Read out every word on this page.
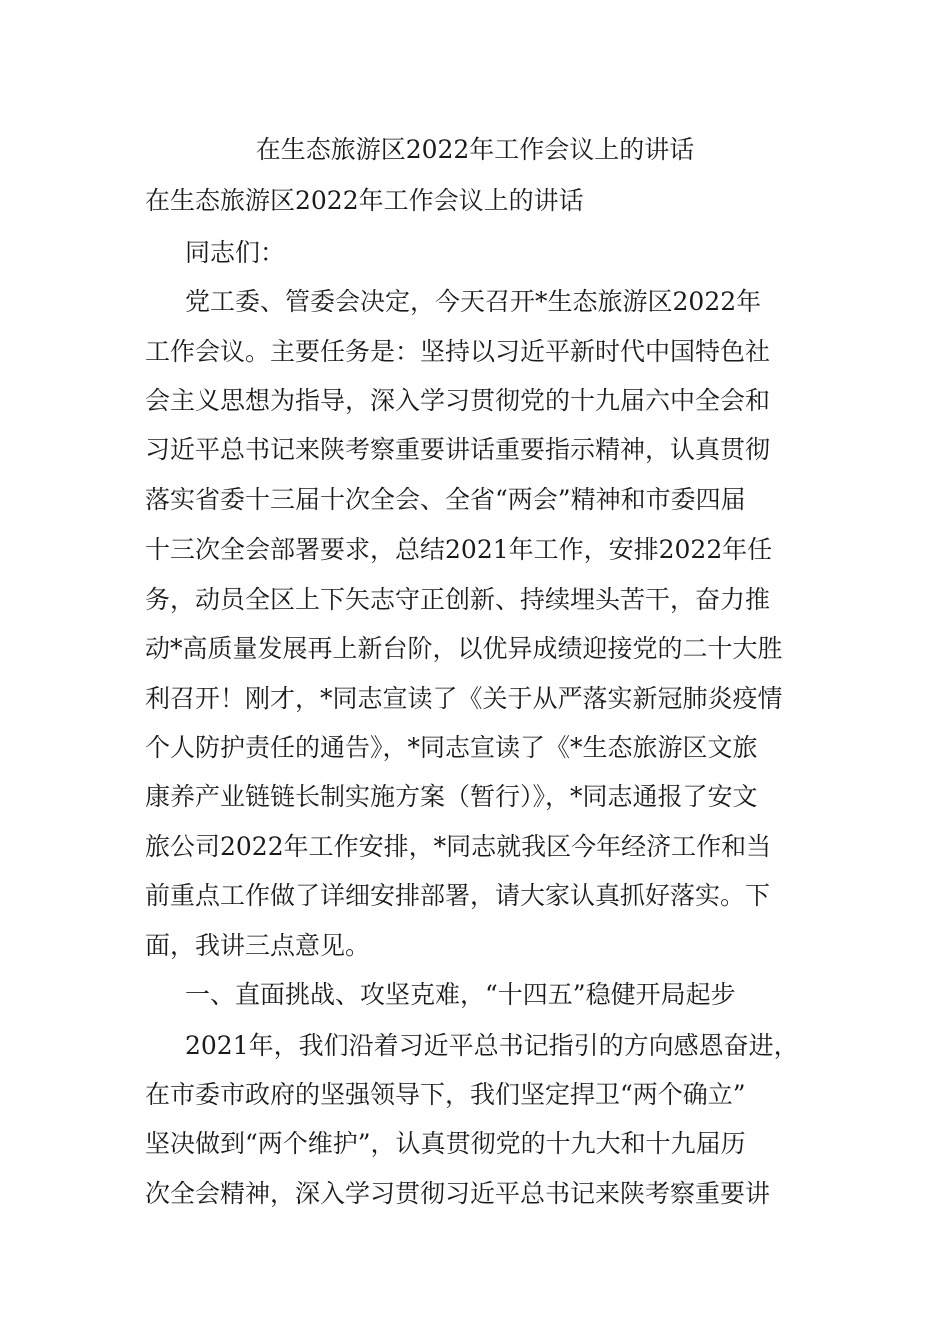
在生态旅游区2022年工作会议上的讲话

在生态旅游区2022年工作会议上的讲话

同志们：

党工委、管委会决定，今天召开*生态旅游区2022年

工作会议。主要任务是：坚持以习近平新时代中国特色社

会主义思想为指导，深入学习贯彻党的十九届六中全会和

习近平总书记来陕考察重要讲话重要指示精神，认真贯彻

落实省委十三届十次全会、全省“两会”精神和市委四届

十三次全会部署要求，总结2021年工作，安排2022年任

务，动员全区上下矢志守正创新、持续埋头苦干，奋力推

动*高质量发展再上新台阶，以优异成绩迎接党的二十大胜

利召开！刚才，*同志宣读了《关于从严落实新冠肺炎疫情

个人防护责任的通告》，*同志宣读了《*生态旅游区文旅

康养产业链链长制实施方案（暂行）》，*同志通报了安文

旅公司2022年工作安排，*同志就我区今年经济工作和当

前重点工作做了详细安排部署，请大家认真抓好落实。下

面，我讲三点意见。

一、直面挑战、攻坚克难，“十四五”稳健开局起步

2021年，我们沿着习近平总书记指引的方向感恩奋进，

在市委市政府的坚强领导下，我们坚定捍卫“两个确立”

坚决做到“两个维护”，认真贯彻党的十九大和十九届历

次全会精神，深入学习贯彻习近平总书记来陕考察重要讲
